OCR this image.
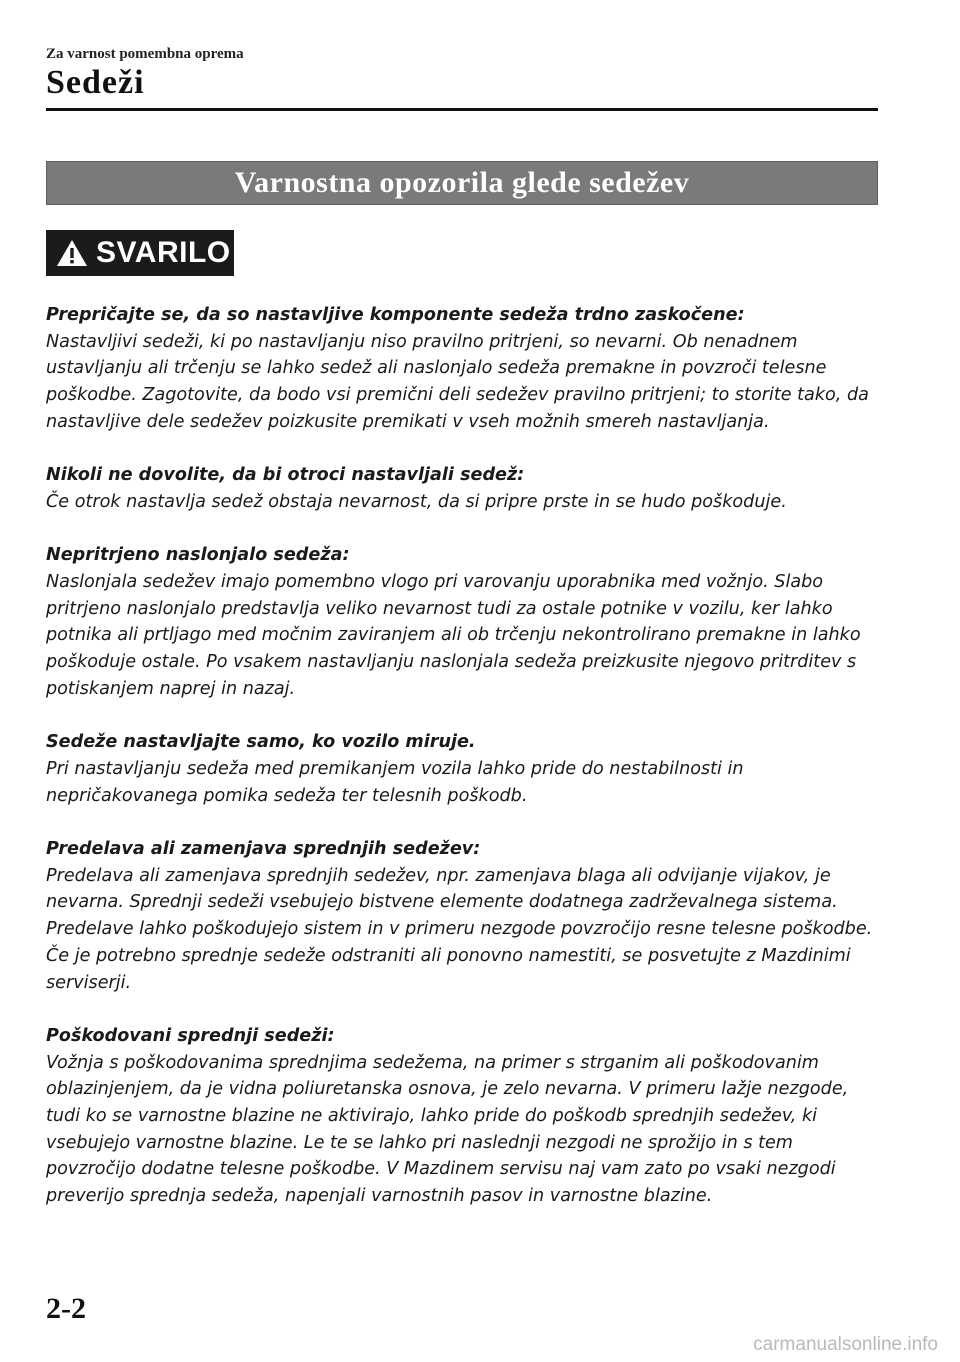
Za varnost pomembna oprema
Sedeži
Varnostna opozorila glede sedežev
SVARILO
Prepričajte se, da so nastavljive komponente sedeža trdno zaskočene:
Nastavljivi sedeži, ki po nastavljanju niso pravilno pritrjeni, so nevarni. Ob nenadnem ustavljanju ali trčenju se lahko sedež ali naslonjalo sedeža premakne in povzroči telesne poškodbe. Zagotovite, da bodo vsi premični deli sedežev pravilno pritrjeni; to storite tako, da nastavljive dele sedežev poizkusite premikati v vseh možnih smereh nastavljanja.
Nikoli ne dovolite, da bi otroci nastavljali sedež:
Če otrok nastavlja sedež obstaja nevarnost, da si pripre prste in se hudo poškoduje.
Nepritrjeno naslonjalo sedeža:
Naslonjala sedežev imajo pomembno vlogo pri varovanju uporabnika med vožnjo. Slabo pritrjeno naslonjalo predstavlja veliko nevarnost tudi za ostale potnike v vozilu, ker lahko potnika ali prtljago med močnim zaviranjem ali ob trčenju nekontrolirano premakne in lahko poškoduje ostale. Po vsakem nastavljanju naslonjala sedeža preizkusite njegovo pritrditev s potiskanjem naprej in nazaj.
Sedeže nastavljajte samo, ko vozilo miruje.
Pri nastavljanju sedeža med premikanjem vozila lahko pride do nestabilnosti in nepričakovanega pomika sedeža ter telesnih poškodb.
Predelava ali zamenjava sprednjih sedežev:
Predelava ali zamenjava sprednjih sedežev, npr. zamenjava blaga ali odvijanje vijakov, je nevarna. Sprednji sedeži vsebujejo bistvene elemente dodatnega zadrževalnega sistema. Predelave lahko poškodujejo sistem in v primeru nezgode povzročijo resne telesne poškodbe. Če je potrebno sprednje sedeže odstraniti ali ponovno namestiti, se posvetujte z Mazdinimi serviserji.
Poškodovani sprednji sedeži:
Vožnja s poškodovanima sprednjima sedežema, na primer s strganim ali poškodovanim oblazinjenjem, da je vidna poliuretanska osnova, je zelo nevarna. V primeru lažje nezgode, tudi ko se varnostne blazine ne aktivirajo, lahko pride do poškodb sprednjih sedežev, ki vsebujejo varnostne blazine. Le te se lahko pri naslednji nezgodi ne sprožijo in s tem povzročijo dodatne telesne poškodbe. V Mazdinem servisu naj vam zato po vsaki nezgodi preverijo sprednja sedeža, napenjali varnostnih pasov in varnostne blazine.
2-2
carmanualsonline.info
